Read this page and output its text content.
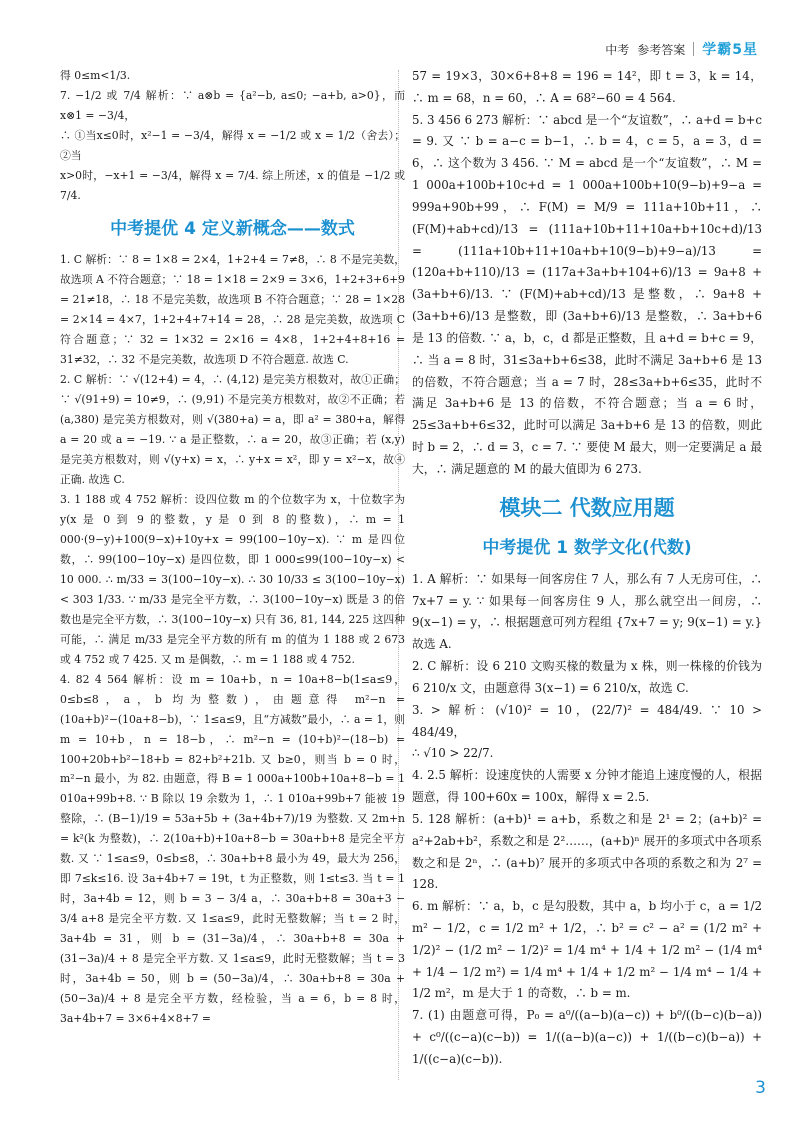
中考 参考答案 学霸5星

得 0≤m<1/3.

7. −1/2 或 7/4 解析：∵ a⊗b = {a²−b, a≤0; −a+b, a>0}，而 x⊗1 = −3/4，

∴ ①当x≤0时，x²−1 = −3/4，解得 x = −1/2 或 x = 1/2（舍去）；②当

x>0时，−x+1 = −3/4，解得 x = 7/4. 综上所述，x 的值是 −1/2 或 7/4.

中考提优 4 定义新概念——数式

1. C 解析：∵ 8 = 1×8 = 2×4，1+2+4 = 7≠8，∴ 8 不是完美数，故选项 A 不符合题意；∵ 18 = 1×18 = 2×9 = 3×6，1+2+3+6+9 = 21≠18，∴ 18 不是完美数，故选项 B 不符合题意；∵ 28 = 1×28 = 2×14 = 4×7，1+2+4+7+14 = 28，∴ 28 是完美数，故选项 C 符合题意；∵ 32 = 1×32 = 2×16 = 4×8，1+2+4+8+16 = 31≠32，∴ 32 不是完美数，故选项 D 不符合题意. 故选 C.

2. C 解析：∵ √(12+4) = 4，∴ (4,12) 是完美方根数对，故①正确；∵ √(91+9) = 10≠9，∴ (9,91) 不是完美方根数对，故②不正确；若 (a,380) 是完美方根数对，则 √(380+a) = a，即 a² = 380+a，解得 a = 20 或 a = −19. ∵ a 是正整数，∴ a = 20，故③正确；若 (x,y) 是完美方根数对，则 √(y+x) = x，∴ y+x = x²，即 y = x²−x，故④正确. 故选 C.

3. 1 188 或 4 752 解析：设四位数 m 的个位数字为 x，十位数字为 y(x 是 0 到 9 的整数，y 是 0 到 8 的整数)，∴ m = 1 000·(9−y)+100(9−x)+10y+x = 99(100−10y−x). ∵ m 是四位数，∴ 99(100−10y−x) 是四位数，即 1 000≤99(100−10y−x) < 10 000. ∴ m/33 = 3(100−10y−x). ∴ 30 10/33 ≤ 3(100−10y−x) < 303 1/33. ∵ m/33 是完全平方数，∴ 3(100−10y−x) 既是 3 的倍数也是完全平方数，∴ 3(100−10y−x) 只有 36, 81, 144, 225 这四种可能，∴ 满足 m/33 是完全平方数的所有 m 的值为 1 188 或 2 673 或 4 752 或 7 425. 又 m 是偶数，∴ m = 1 188 或 4 752.

4. 82 4 564 解析：设 m = 10a+b，n = 10a+8−b(1≤a≤9，0≤b≤8，a，b 均为整数)，由题意得 m²−n = (10a+b)²−(10a+8−b)，∵ 1≤a≤9，且“方减数”最小，∴ a = 1，则 m = 10+b，n = 18−b，∴ m²−n = (10+b)²−(18−b) = 100+20b+b²−18+b = 82+b²+21b. 又 b≥0，则当 b = 0 时，m²−n 最小，为 82. 由题意，得 B = 1 000a+100b+10a+8−b = 1 010a+99b+8. ∵ B 除以 19 余数为 1，∴ 1 010a+99b+7 能被 19 整除，∴ (B−1)/19 = 53a+5b + (3a+4b+7)/19 为整数. 又 2m+n = k²(k 为整数)，∴ 2(10a+b)+10a+8−b = 30a+b+8 是完全平方数. 又 ∵ 1≤a≤9，0≤b≤8，∴ 30a+b+8 最小为 49，最大为 256，即 7≤k≤16. 设 3a+4b+7 = 19t，t 为正整数，则 1≤t≤3. 当 t = 1 时，3a+4b = 12，则 b = 3 − 3/4 a，∴ 30a+b+8 = 30a+3 − 3/4 a+8 是完全平方数. 又 1≤a≤9，此时无整数解；当 t = 2 时，3a+4b = 31，则 b = (31−3a)/4，∴ 30a+b+8 = 30a + (31−3a)/4 + 8 是完全平方数. 又 1≤a≤9，此时无整数解；当 t = 3 时，3a+4b = 50，则 b = (50−3a)/4，∴ 30a+b+8 = 30a + (50−3a)/4 + 8 是完全平方数，经检验，当 a = 6，b = 8 时，3a+4b+7 = 3×6+4×8+7 =

57 = 19×3，30×6+8+8 = 196 = 14²，即 t = 3，k = 14，∴ m = 68，n = 60，∴ A = 68²−60 = 4 564.

5. 3 456 6 273 解析：∵ abcd 是一个“友谊数”，∴ a+d = b+c = 9. 又 ∵ b = a−c = b−1，∴ b = 4，c = 5，a = 3，d = 6，∴ 这个数为 3 456. ∵ M = abcd 是一个“友谊数”，∴ M = 1 000a+100b+10c+d = 1 000a+100b+10(9−b)+9−a = 999a+90b+99，∴ F(M) = M/9 = 111a+10b+11，∴ (F(M)+ab+cd)/13 = (111a+10b+11+10a+b+10c+d)/13 = (111a+10b+11+10a+b+10(9−b)+9−a)/13 = (120a+b+110)/13 = (117a+3a+b+104+6)/13 = 9a+8 + (3a+b+6)/13. ∵ (F(M)+ab+cd)/13 是整数，∴ 9a+8 + (3a+b+6)/13 是整数，即 (3a+b+6)/13 是整数，∴ 3a+b+6 是 13 的倍数. ∵ a，b，c，d 都是正整数，且 a+d = b+c = 9，∴ 当 a = 8 时，31≤3a+b+6≤38，此时不满足 3a+b+6 是 13 的倍数，不符合题意；当 a = 7 时，28≤3a+b+6≤35，此时不满足 3a+b+6 是 13 的倍数，不符合题意；当 a = 6 时，25≤3a+b+6≤32，此时可以满足 3a+b+6 是 13 的倍数，则此时 b = 2，∴ d = 3，c = 7. ∵ 要使 M 最大，则一定要满足 a 最大，∴ 满足题意的 M 的最大值即为 6 273.

模块二 代数应用题
中考提优 1 数学文化(代数)

1. A 解析：∵ 如果每一间客房住 7 人，那么有 7 人无房可住，∴ 7x+7 = y. ∵ 如果每一间客房住 9 人，那么就空出一间房，∴ 9(x−1) = y，∴ 根据题意可列方程组 {7x+7 = y; 9(x−1) = y.} 故选 A.

2. C 解析：设 6 210 文购买椽的数量为 x 株，则一株椽的价钱为 6 210/x 文，由题意得 3(x−1) = 6 210/x，故选 C.

3. > 解析：(√10)² = 10，(22/7)² = 484/49. ∵ 10 > 484/49，

∴ √10 > 22/7.

4. 2.5 解析：设速度快的人需要 x 分钟才能追上速度慢的人，根据题意，得 100+60x = 100x，解得 x = 2.5.

5. 128 解析：(a+b)¹ = a+b，系数之和是 2¹ = 2；(a+b)² = a²+2ab+b²，系数之和是 2²……，(a+b)ⁿ 展开的多项式中各项系数之和是 2ⁿ，∴ (a+b)⁷ 展开的多项式中各项的系数之和为 2⁷ = 128.

6. m 解析：∵ a，b，c 是勾股数，其中 a，b 均小于 c，a = 1/2 m² − 1/2，c = 1/2 m² + 1/2，∴ b² = c² − a² = (1/2 m² + 1/2)² − (1/2 m² − 1/2)² = 1/4 m⁴ + 1/4 + 1/2 m² − (1/4 m⁴ + 1/4 − 1/2 m²) = 1/4 m⁴ + 1/4 + 1/2 m² − 1/4 m⁴ − 1/4 + 1/2 m²，m 是大于 1 的奇数，∴ b = m.

7. (1) 由题意可得，P₀ = a⁰/((a−b)(a−c)) + b⁰/((b−c)(b−a)) + c⁰/((c−a)(c−b)) = 1/((a−b)(a−c)) + 1/((b−c)(b−a)) + 1/((c−a)(c−b)).

3
